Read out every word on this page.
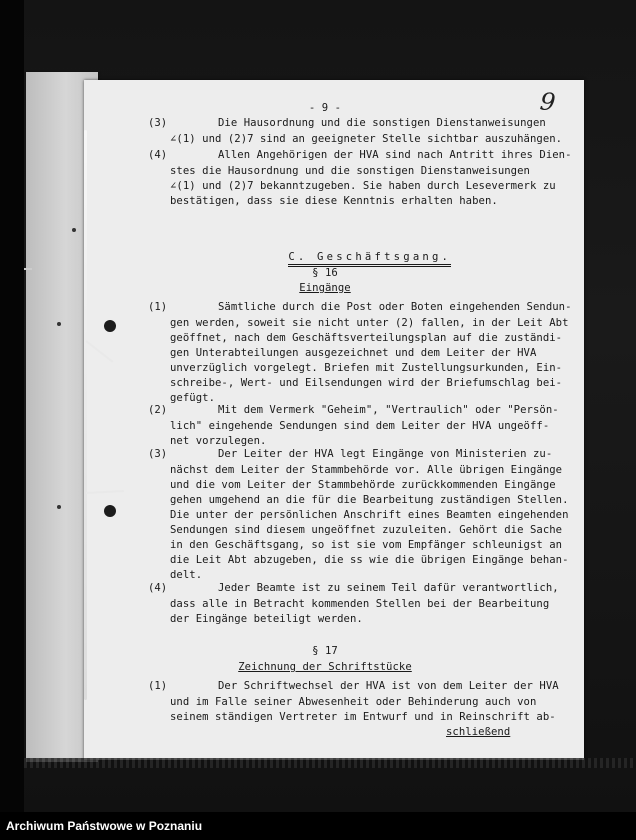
9
- 9 -
(3)	Die Hausordnung und die sonstigen Dienstanweisungen
∠(1) und (2)7 sind an geeigneter Stelle sichtbar auszuhängen.
(4)	Allen Angehörigen der HVA sind nach Antritt ihres Dien-
stes die Hausordnung und die sonstigen Dienstanweisungen
∠(1) und (2)7 bekanntzugeben. Sie haben durch Lesevermerk zu
bestätigen, dass sie diese Kenntnis erhalten haben.

C. Geschäftsgang.

§ 16
Eingänge
(1)	Sämtliche durch die Post oder Boten eingehenden Sendun-
gen werden, soweit sie nicht unter (2) fallen, in der Leit Abt
geöffnet, nach dem Geschäftsverteilungsplan auf die zuständi-
gen Unterabteilungen ausgezeichnet und dem Leiter der HVA
unverzüglich vorgelegt. Briefen mit Zustellungsurkunden, Ein-
schreibe-, Wert- und Eilsendungen wird der Briefumschlag bei-
gefügt.
(2)	Mit dem Vermerk "Geheim", "Vertraulich" oder "Persön-
lich" eingehende Sendungen sind dem Leiter der HVA ungeöff-
net vorzulegen.
(3)	Der Leiter der HVA legt Eingänge von Ministerien zu-
nächst dem Leiter der Stammbehörde vor. Alle übrigen Eingänge
und die vom Leiter der Stammbehörde zurückkommenden Eingänge
gehen umgehend an die für die Bearbeitung zuständigen Stellen.
Die unter der persönlichen Anschrift eines Beamten eingehenden
Sendungen sind diesem ungeöffnet zuzuleiten. Gehört die Sache
in den Geschäftsgang, so ist sie vom Empfänger schleunigst an
die Leit Abt abzugeben, die ss wie die übrigen Eingänge behan-
delt.
(4)	Jeder Beamte ist zu seinem Teil dafür verantwortlich,
dass alle in Betracht kommenden Stellen bei der Bearbeitung
der Eingänge beteiligt werden.
§ 17
Zeichnung der Schriftstücke
(1)	Der Schriftwechsel der HVA ist von dem Leiter der HVA
und im Falle seiner Abwesenheit oder Behinderung auch von
seinem ständigen Vertreter im Entwurf und in Reinschrift ab-
schließend
Archiwum Państwowe w Poznaniu
